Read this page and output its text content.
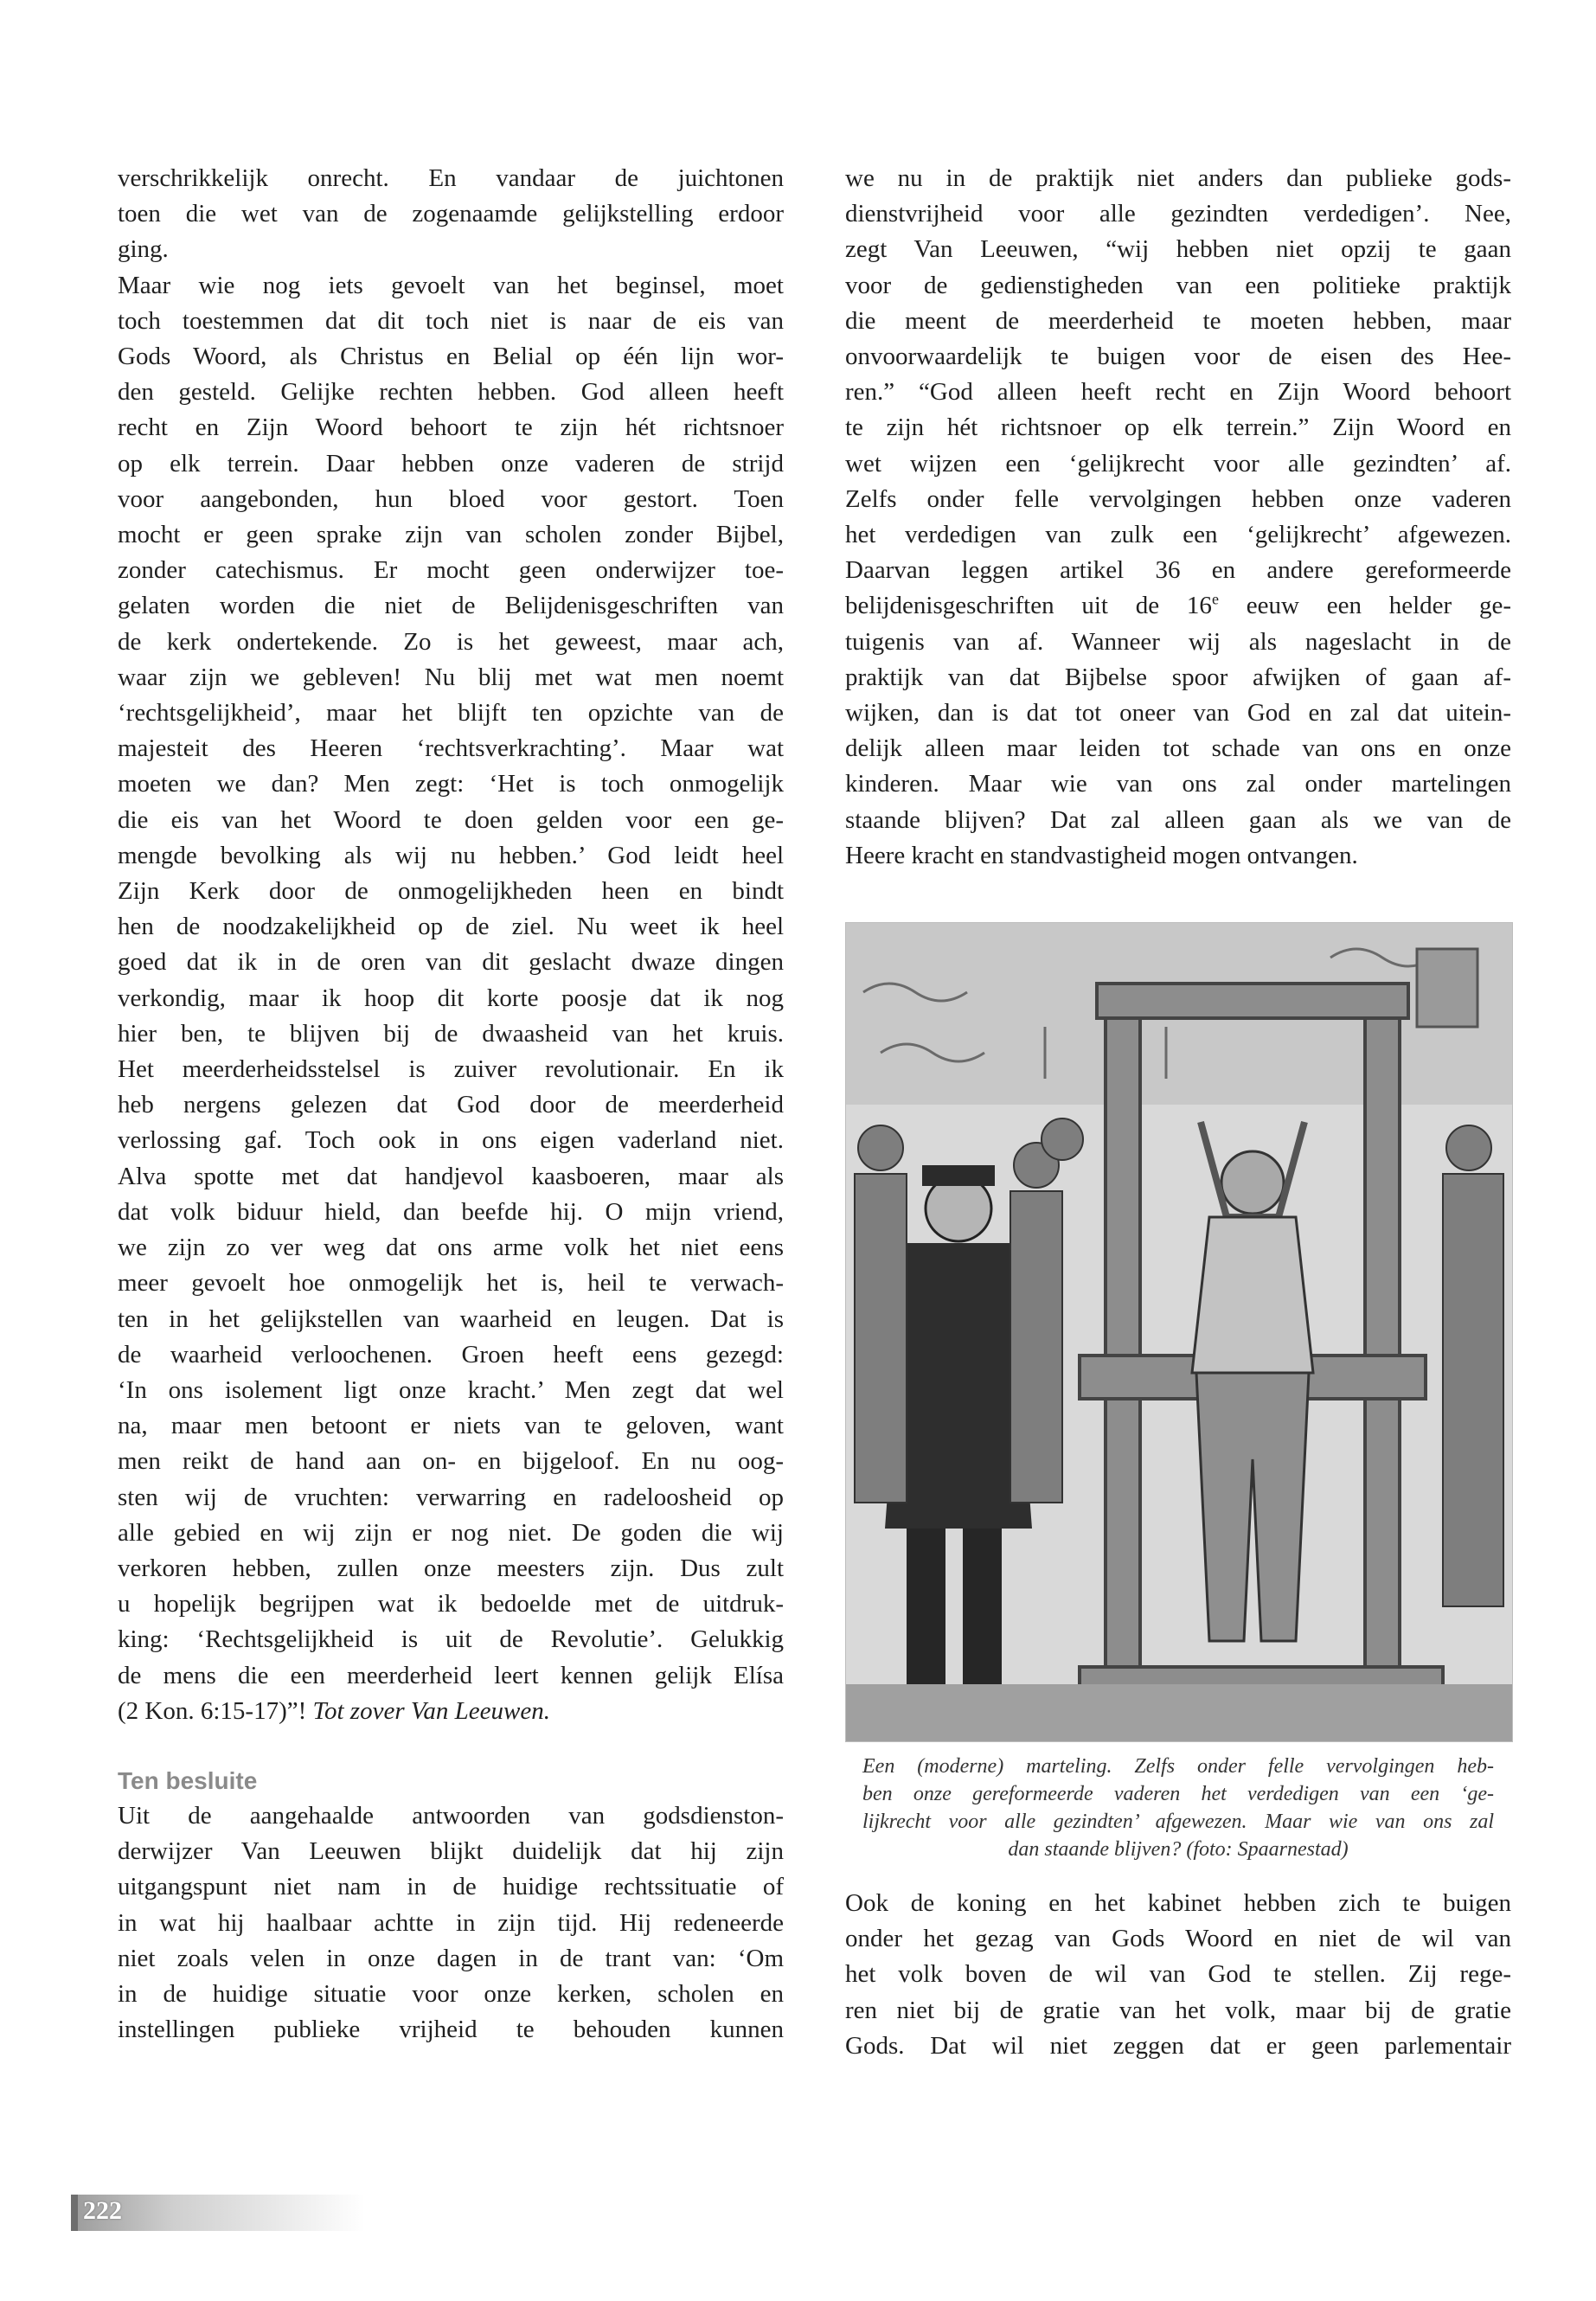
verschrikkelijk onrecht. En vandaar de juichtonen
toen die wet van de zogenaamde gelijkstelling erdoor
ging.
Maar wie nog iets gevoelt van het beginsel, moet
toch toestemmen dat dit toch niet is naar de eis van
Gods Woord, als Christus en Belial op één lijn wor-
den gesteld. Gelijke rechten hebben. God alleen heeft
recht en Zijn Woord behoort te zijn hét richtsnoer
op elk terrein. Daar hebben onze vaderen de strijd
voor aangebonden, hun bloed voor gestort. Toen
mocht er geen sprake zijn van scholen zonder Bijbel,
zonder catechismus. Er mocht geen onderwijzer toe-
gelaten worden die niet de Belijdenisgeschriften van
de kerk ondertekende. Zo is het geweest, maar ach,
waar zijn we gebleven! Nu blij met wat men noemt
‘rechtsgelijkheid’, maar het blijft ten opzichte van de
majesteit des Heeren ‘rechtsverkrachting’. Maar wat
moeten we dan? Men zegt: ‘Het is toch onmogelijk
die eis van het Woord te doen gelden voor een ge-
mengde bevolking als wij nu hebben.’ God leidt heel
Zijn Kerk door de onmogelijkheden heen en bindt
hen de noodzakelijkheid op de ziel. Nu weet ik heel
goed dat ik in de oren van dit geslacht dwaze dingen
verkondig, maar ik hoop dit korte poosje dat ik nog
hier ben, te blijven bij de dwaasheid van het kruis.
Het meerderheidsstelsel is zuiver revolutionair. En ik
heb nergens gelezen dat God door de meerderheid
verlossing gaf. Toch ook in ons eigen vaderland niet.
Alva spotte met dat handjevol kaasboeren, maar als
dat volk biduur hield, dan beefde hij. O mijn vriend,
we zijn zo ver weg dat ons arme volk het niet eens
meer gevoelt hoe onmogelijk het is, heil te verwach-
ten in het gelijkstellen van waarheid en leugen. Dat is
de waarheid verloochenen. Groen heeft eens gezegd:
‘In ons isolement ligt onze kracht.’ Men zegt dat wel
na, maar men betoont er niets van te geloven, want
men reikt de hand aan on- en bijgeloof. En nu oog-
sten wij de vruchten: verwarring en radeloosheid op
alle gebied en wij zijn er nog niet. De goden die wij
verkoren hebben, zullen onze meesters zijn. Dus zult
u hopelijk begrijpen wat ik bedoelde met de uitdruk-
king: ‘Rechtsgelijkheid is uit de Revolutie’. Gelukkig
de mens die een meerderheid leert kennen gelijk Elísa
(2 Kon. 6:15-17)”! Tot zover Van Leeuwen.
Ten besluite
Uit de aangehaalde antwoorden van godsdienston-
derwijzer Van Leeuwen blijkt duidelijk dat hij zijn
uitgangspunt niet nam in de huidige rechtssituatie of
in wat hij haalbaar achtte in zijn tijd. Hij redeneerde
niet zoals velen in onze dagen in de trant van: ‘Om
in de huidige situatie voor onze kerken, scholen en
instellingen publieke vrijheid te behouden kunnen
we nu in de praktijk niet anders dan publieke gods-
dienstvrijheid voor alle gezindten verdedigen’. Nee,
zegt Van Leeuwen, “wij hebben niet opzij te gaan
voor de gedienstigheden van een politieke praktijk
die meent de meerderheid te moeten hebben, maar
onvoorwaardelijk te buigen voor de eisen des Hee-
ren.” “God alleen heeft recht en Zijn Woord behoort
te zijn hét richtsnoer op elk terrein.” Zijn Woord en
wet wijzen een ‘gelijkrecht voor alle gezindten’ af.
Zelfs onder felle vervolgingen hebben onze vaderen
het verdedigen van zulk een ‘gelijkrecht’ afgewezen.
Daarvan leggen artikel 36 en andere gereformeerde
belijdenisgeschriften uit de 16e eeuw een helder ge-
tuigenis van af. Wanneer wij als nageslacht in de
praktijk van dat Bijbelse spoor afwijken of gaan af-
wijken, dan is dat tot oneer van God en zal dat uitein-
delijk alleen maar leiden tot schade van ons en onze
kinderen. Maar wie van ons zal onder martelingen
staande blijven? Dat zal alleen gaan als we van de
Heere kracht en standvastigheid mogen ontvangen.
Een (moderne) marteling. Zelfs onder felle vervolgingen heb-
ben onze gereformeerde vaderen het verdedigen van een ‘ge-
lijkrecht voor alle gezindten’ afgewezen. Maar wie van ons zal
dan staande blijven? (foto: Spaarnestad)
Ook de koning en het kabinet hebben zich te buigen
onder het gezag van Gods Woord en niet de wil van
het volk boven de wil van God te stellen. Zij rege-
ren niet bij de gratie van het volk, maar bij de gratie
Gods. Dat wil niet zeggen dat er geen parlementair
222
